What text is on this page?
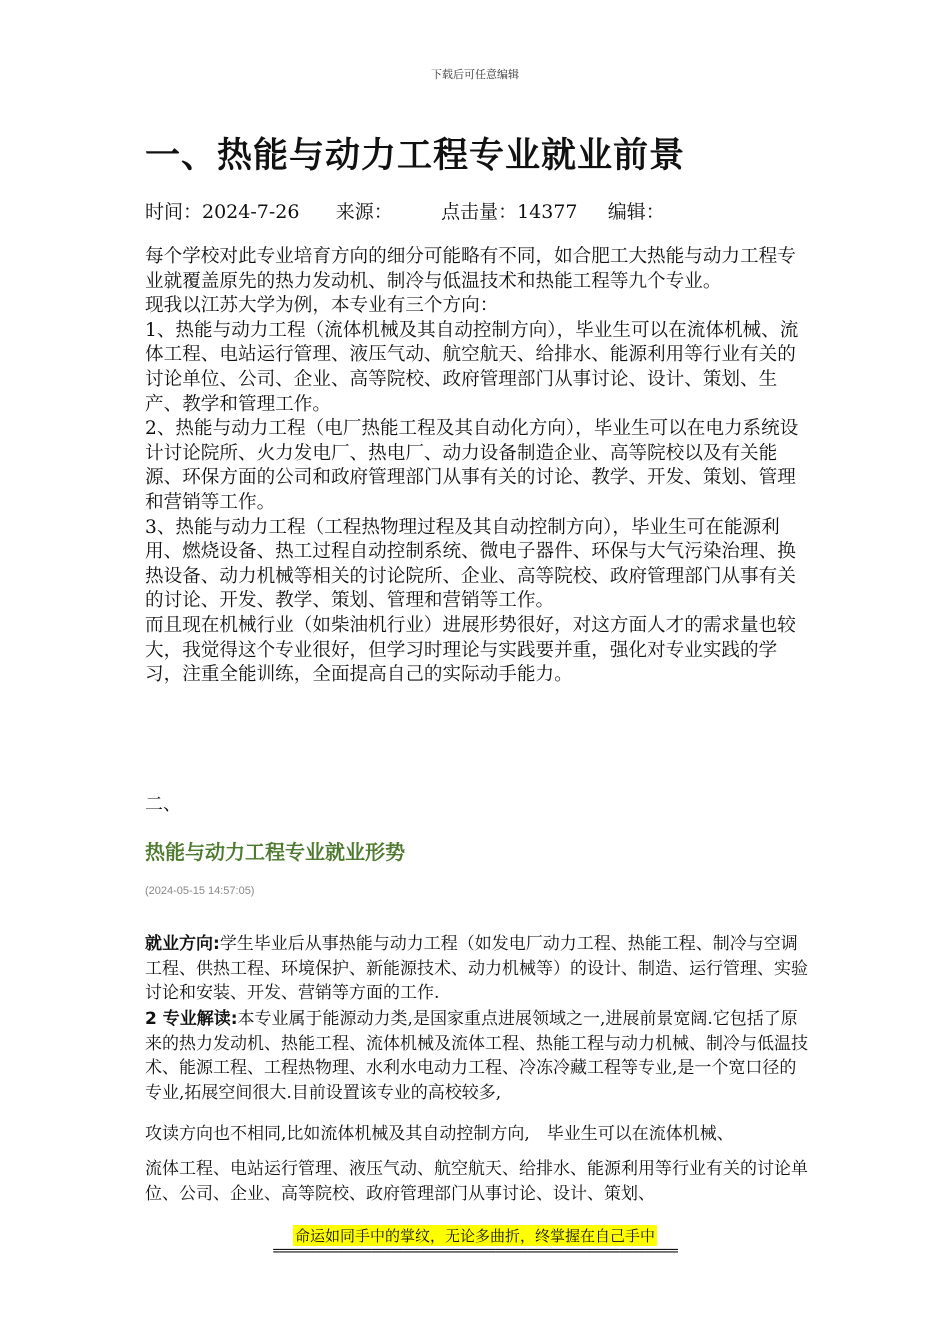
下载后可任意编辑
一、热能与动力工程专业就业前景
时间：2024-7-26 来源：	点击量：14377 编辑：

每个学校对此专业培育方向的细分可能略有不同，如合肥工大热能与动力工程专业就覆盖原先的热力发动机、制冷与低温技术和热能工程等九个专业。

现我以江苏大学为例，本专业有三个方向：

1、热能与动力工程（流体机械及其自动控制方向），毕业生可以在流体机械、流体工程、电站运行管理、液压气动、航空航天、给排水、能源利用等行业有关的讨论单位、公司、企业、高等院校、政府管理部门从事讨论、设计、策划、生产、教学和管理工作。

2、热能与动力工程（电厂热能工程及其自动化方向），毕业生可以在电力系统设计讨论院所、火力发电厂、热电厂、动力设备制造企业、高等院校以及有关能源、环保方面的公司和政府管理部门从事有关的讨论、教学、开发、策划、管理和营销等工作。

3、热能与动力工程（工程热物理过程及其自动控制方向），毕业生可在能源利用、燃烧设备、热工过程自动控制系统、微电子器件、环保与大气污染治理、换热设备、动力机械等相关的讨论院所、企业、高等院校、政府管理部门从事有关的讨论、开发、教学、策划、管理和营销等工作。

而且现在机械行业（如柴油机行业）进展形势很好，对这方面人才的需求量也较大，我觉得这个专业很好，但学习时理论与实践要并重，强化对专业实践的学习，注重全能训练，全面提高自己的实际动手能力。

二、
热能与动力工程专业就业形势
(2024-05-15 14:57:05)

就业方向:学生毕业后从事热能与动力工程（如发电厂动力工程、热能工程、制冷与空调工程、供热工程、环境保护、新能源技术、动力机械等）的设计、制造、运行管理、实验讨论和安装、开发、营销等方面的工作.

2 专业解读:本专业属于能源动力类,是国家重点进展领域之一,进展前景宽阔.它包括了原来的热力发动机、热能工程、流体机械及流体工程、热能工程与动力机械、制冷与低温技术、能源工程、工程热物理、水利水电动力工程、冷冻冷藏工程等专业,是一个宽口径的专业,拓展空间很大.目前设置该专业的高校较多,

攻读方向也不相同,比如流体机械及其自动控制方向,　毕业生可以在流体机械、

流体工程、电站运行管理、液压气动、航空航天、给排水、能源利用等行业有关的讨论单位、公司、企业、高等院校、政府管理部门从事讨论、设计、策划、

命运如同手中的掌纹，无论多曲折，终掌握在自己手中
==============================================================
